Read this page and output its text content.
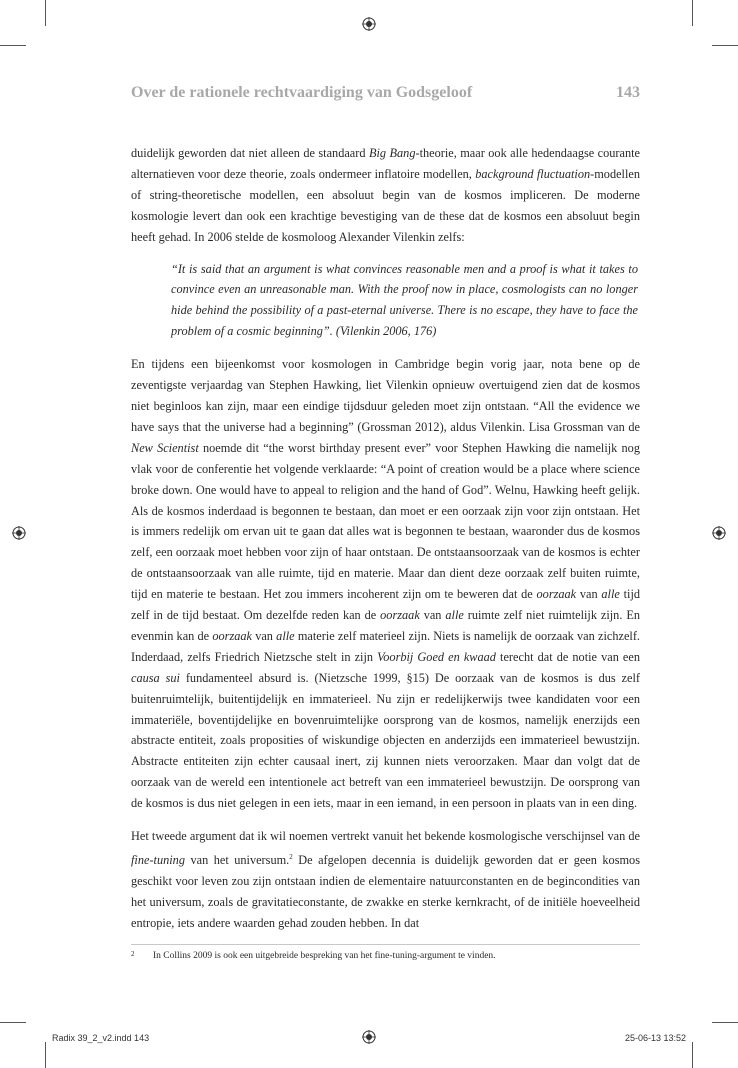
Over de rationele rechtvaardiging van Godsgeloof	143

duidelijk geworden dat niet alleen de standaard Big Bang-theorie, maar ook alle hedendaagse courante alternatieven voor deze theorie, zoals ondermeer inflatoire modellen, background fluctuation-modellen of string-theoretische modellen, een absoluut begin van de kosmos impliceren. De moderne kosmologie levert dan ook een krachtige bevestiging van de these dat de kosmos een absoluut begin heeft gehad. In 2006 stelde de kosmoloog Alexander Vilenkin zelfs:

“It is said that an argument is what convinces reasonable men and a proof is what it takes to convince even an unreasonable man. With the proof now in place, cosmologists can no longer hide behind the possibility of a past-eternal universe. There is no escape, they have to face the problem of a cosmic beginning”. (Vilenkin 2006, 176)

En tijdens een bijeenkomst voor kosmologen in Cambridge begin vorig jaar, nota bene op de zeventigste verjaardag van Stephen Hawking, liet Vilenkin opnieuw overtuigend zien dat de kosmos niet beginloos kan zijn, maar een eindige tijdsduur geleden moet zijn ontstaan. “All the evidence we have says that the universe had a beginning” (Grossman 2012), aldus Vilenkin. Lisa Grossman van de New Scientist noemde dit “the worst birthday present ever” voor Stephen Hawking die namelijk nog vlak voor de conferentie het volgende verklaarde: “A point of creation would be a place where science broke down. One would have to appeal to religion and the hand of God”. Welnu, Hawking heeft gelijk. Als de kosmos inderdaad is begonnen te bestaan, dan moet er een oorzaak zijn voor zijn ontstaan. Het is immers redelijk om ervan uit te gaan dat alles wat is begonnen te bestaan, waaronder dus de kosmos zelf, een oorzaak moet hebben voor zijn of haar ontstaan. De ontstaansoorzaak van de kosmos is echter de ontstaansoorzaak van alle ruimte, tijd en materie. Maar dan dient deze oorzaak zelf buiten ruimte, tijd en materie te bestaan. Het zou immers incoherent zijn om te beweren dat de oorzaak van alle tijd zelf in de tijd bestaat. Om dezelfde reden kan de oorzaak van alle ruimte zelf niet ruimtelijk zijn. En evenmin kan de oorzaak van alle materie zelf materieel zijn. Niets is namelijk de oorzaak van zichzelf. Inderdaad, zelfs Friedrich Nietzsche stelt in zijn Voorbij Goed en kwaad terecht dat de notie van een causa sui fundamenteel absurd is. (Nietzsche 1999, §15) De oorzaak van de kosmos is dus zelf buitenruimtelijk, buitentijdelijk en immaterieel. Nu zijn er redelijkerwijs twee kandidaten voor een immateriële, boventijdelijke en bovenruimtelijke oorsprong van de kosmos, namelijk enerzijds een abstracte entiteit, zoals proposities of wiskundige objecten en anderzijds een immaterieel bewustzijn. Abstracte entiteiten zijn echter causaal inert, zij kunnen niets veroorzaken. Maar dan volgt dat de oorzaak van de wereld een intentionele act betreft van een immaterieel bewustzijn. De oorsprong van de kosmos is dus niet gelegen in een iets, maar in een iemand, in een persoon in plaats van in een ding.

Het tweede argument dat ik wil noemen vertrekt vanuit het bekende kosmologische verschijnsel van de fine-tuning van het universum.$^2$ De afgelopen decennia is duidelijk geworden dat er geen kosmos geschikt voor leven zou zijn ontstaan indien de elementaire natuurconstanten en de begincondities van het universum, zoals de gravitatieconstante, de zwakke en sterke kernkracht, of de initiële hoeveelheid entropie, iets andere waarden gehad zouden hebben. In dat

2 In Collins 2009 is ook een uitgebreide bespreking van het fine-tuning-argument te vinden.
Radix 39_2_v2.indd 143	25-06-13 13:52
